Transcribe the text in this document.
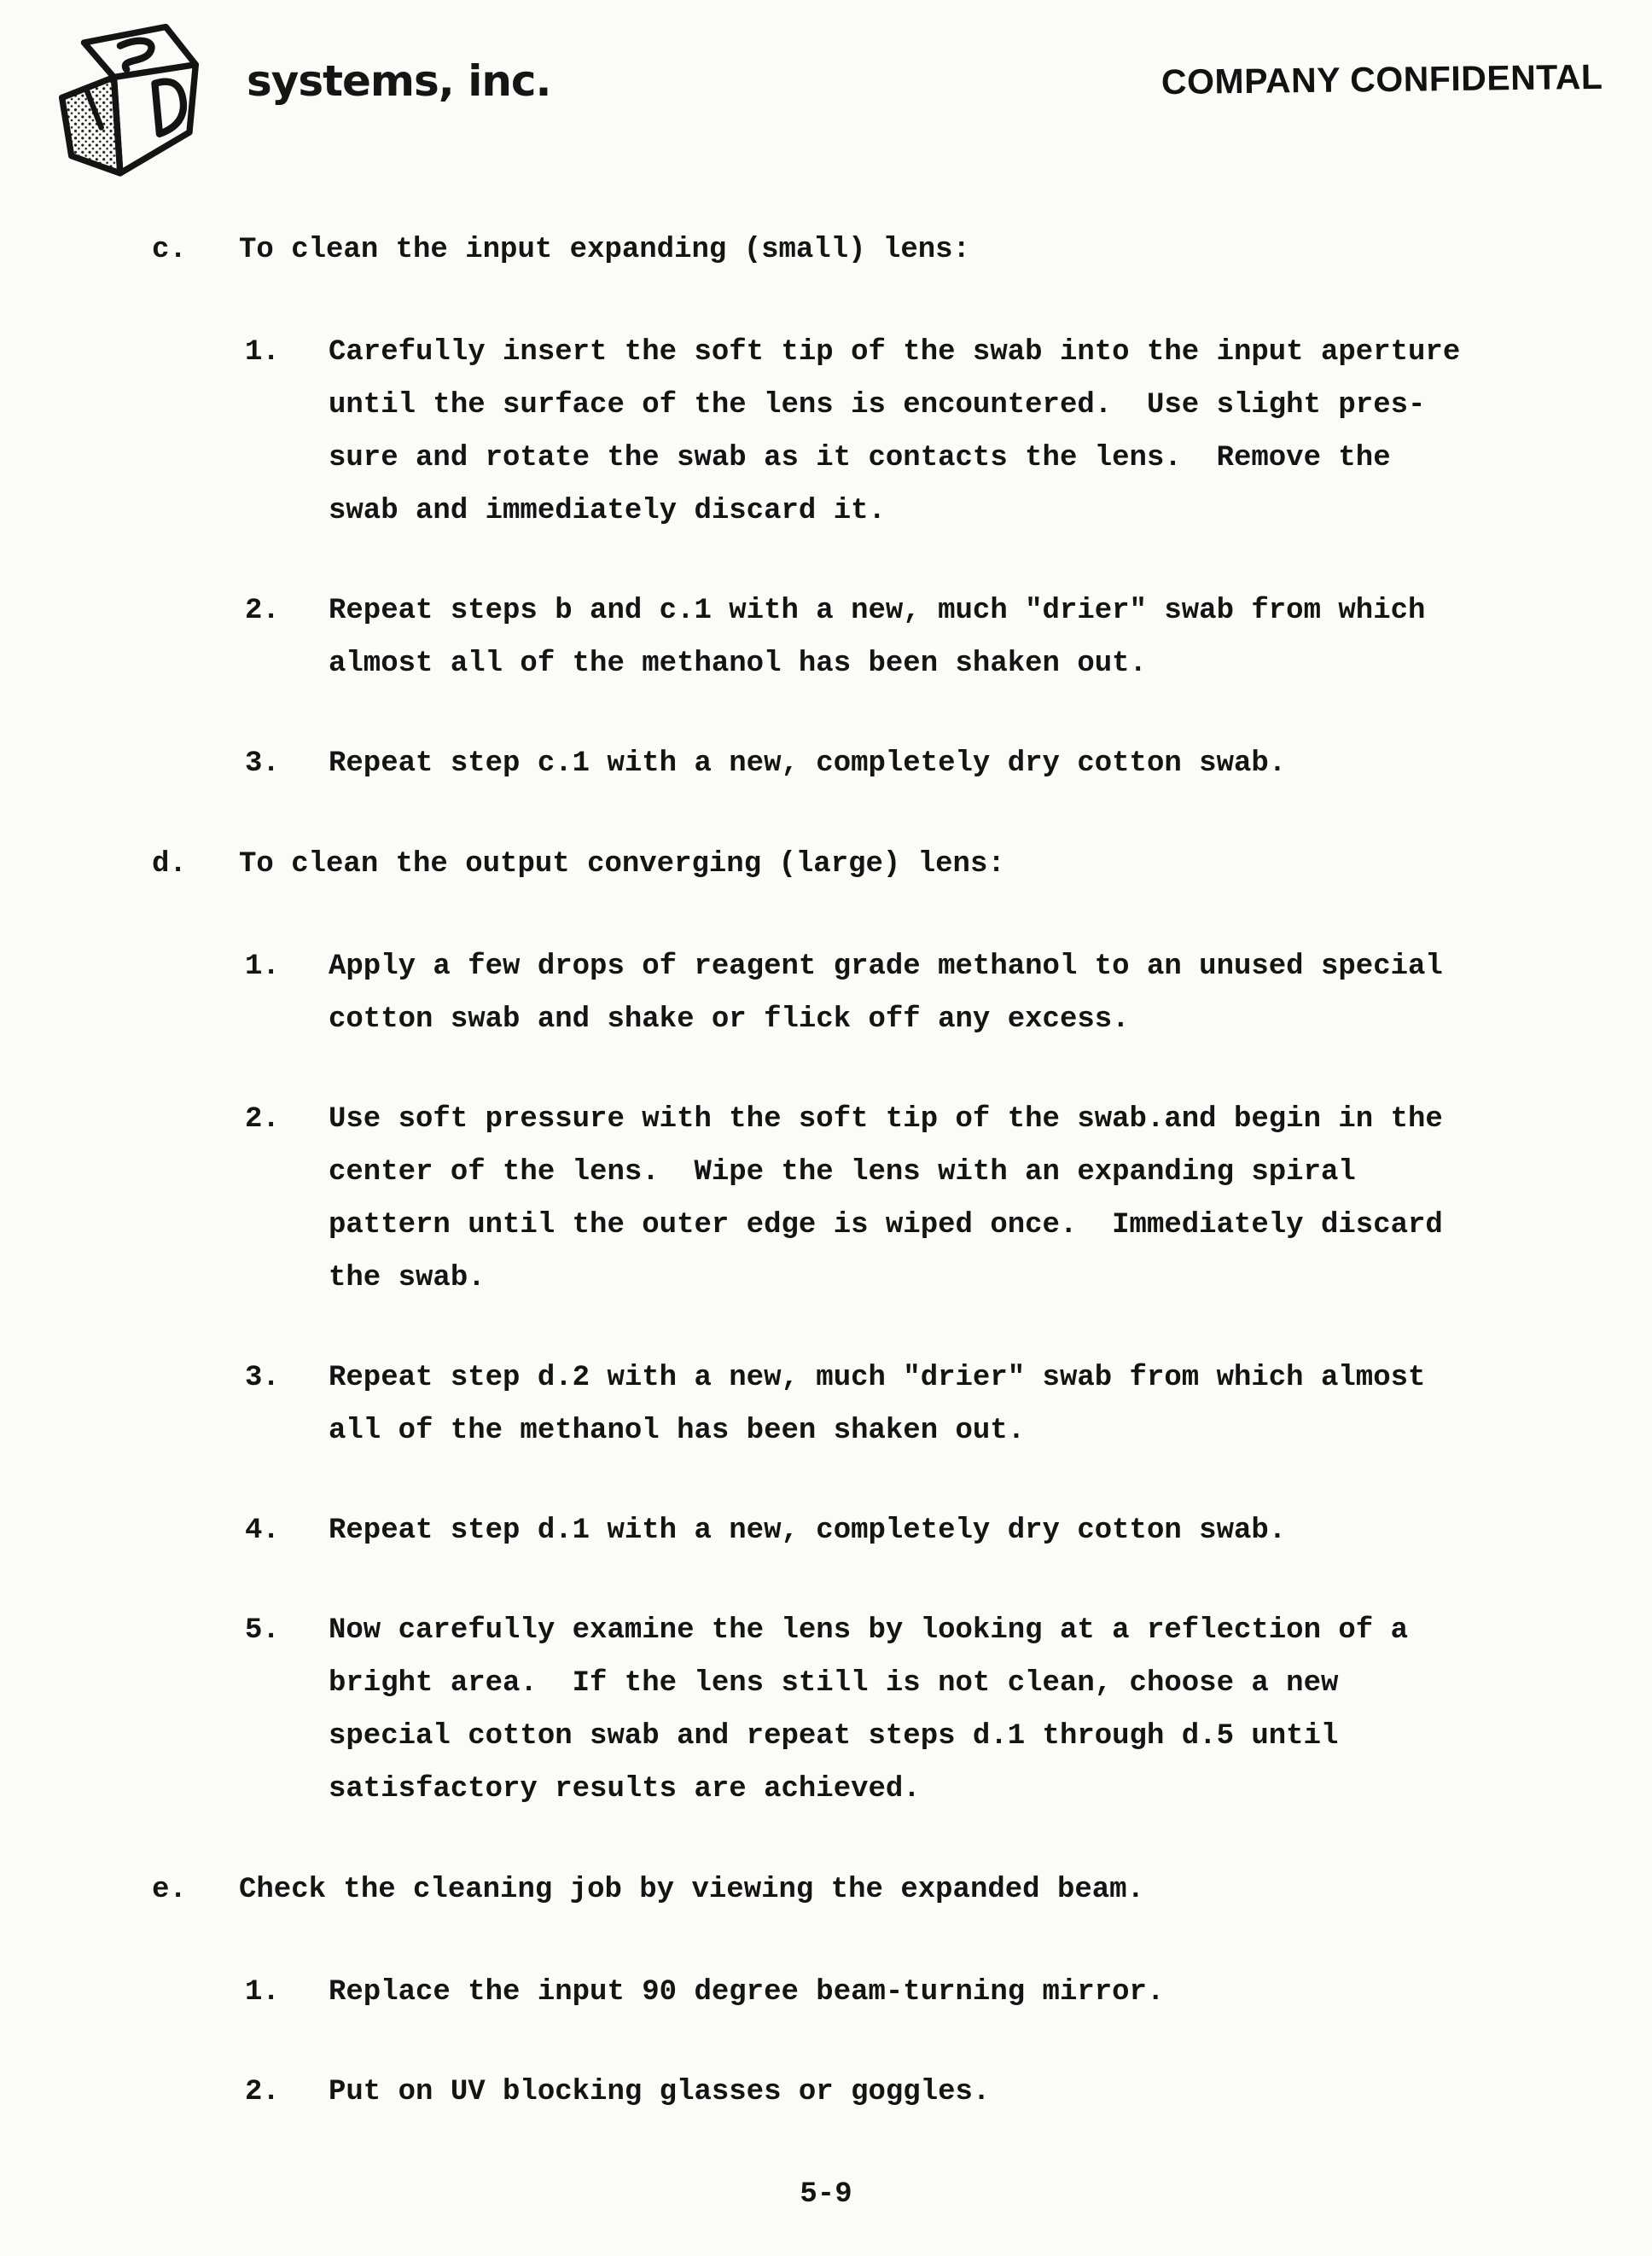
systems, inc.	COMPANY CONFIDENTAL
c.	To clean the input expanding (small) lens:
1.	Carefully insert the soft tip of the swab into the input aperture
until the surface of the lens is encountered.  Use slight pres-
sure and rotate the swab as it contacts the lens.  Remove the
swab and immediately discard it.
2.	Repeat steps b and c.1 with a new, much "drier" swab from which
almost all of the methanol has been shaken out.
3.	Repeat step c.1 with a new, completely dry cotton swab.
d.	To clean the output converging (large) lens:
1.	Apply a few drops of reagent grade methanol to an unused special
cotton swab and shake or flick off any excess.
2.	Use soft pressure with the soft tip of the swab.and begin in the
center of the lens.  Wipe the lens with an expanding spiral
pattern until the outer edge is wiped once.  Immediately discard
the swab.
3.	Repeat step d.2 with a new, much "drier" swab from which almost
all of the methanol has been shaken out.
4.	Repeat step d.1 with a new, completely dry cotton swab.
5.	Now carefully examine the lens by looking at a reflection of a
bright area.  If the lens still is not clean, choose a new
special cotton swab and repeat steps d.1 through d.5 until
satisfactory results are achieved.
e.	Check the cleaning job by viewing the expanded beam.
1.	Replace the input 90 degree beam-turning mirror.
2.	Put on UV blocking glasses or goggles.
5-9
